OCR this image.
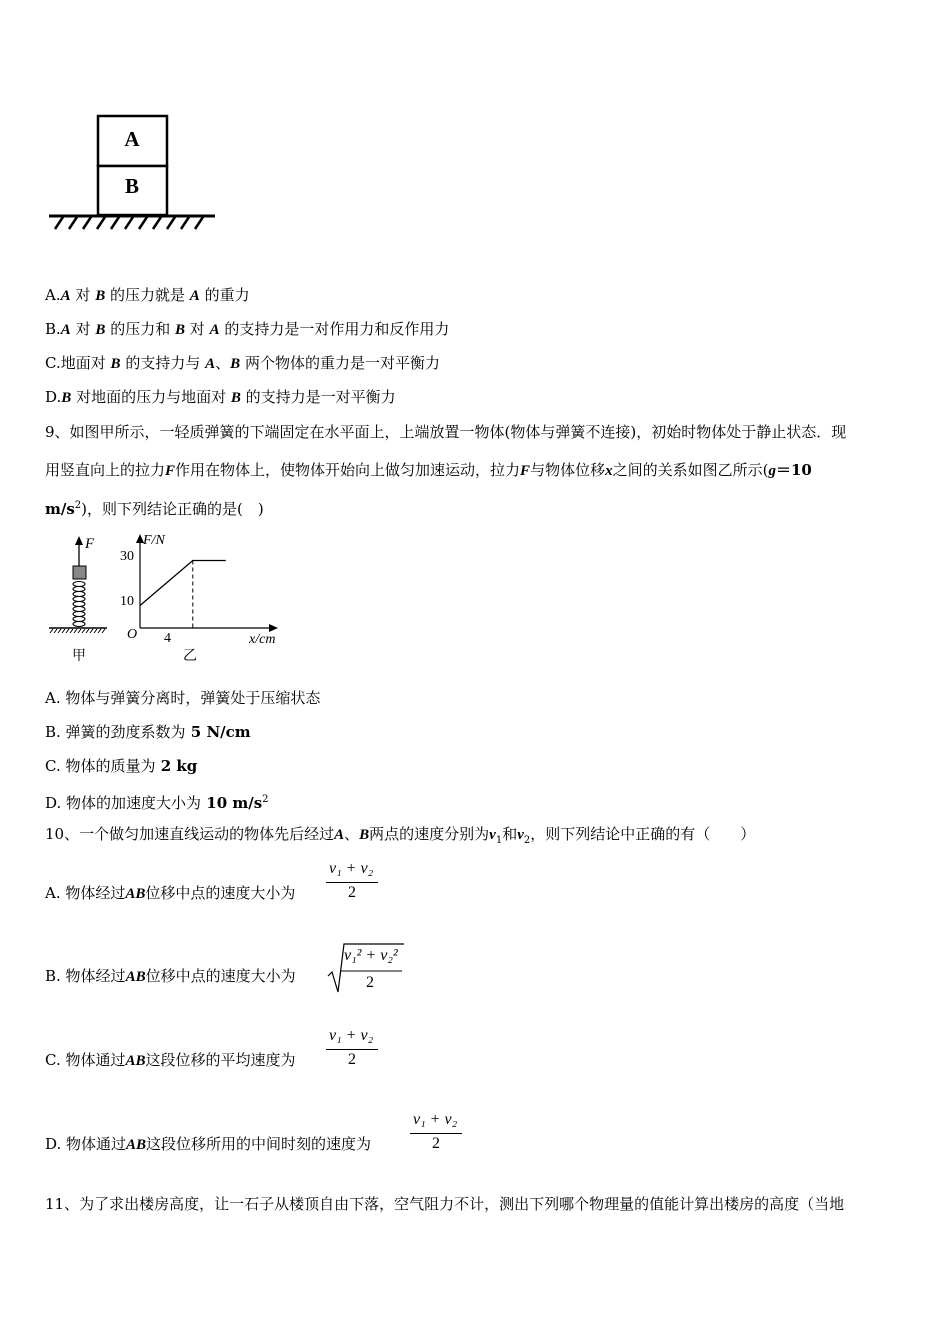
A
B
A.A 对 B 的压力就是 A 的重力
B.A 对 B 的压力和 B 对 A 的支持力是一对作用力和反作用力
C.地面对 B 的支持力与 A、B 两个物体的重力是一对平衡力
D.B 对地面的压力与地面对 B 的支持力是一对平衡力
9、如图甲所示，一轻质弹簧的下端固定在水平面上，上端放置一物体(物体与弹簧不连接)，初始时物体处于静止状态．现
用竖直向上的拉力F作用在物体上，使物体开始向上做匀加速运动，拉力F与物体位移x之间的关系如图乙所示(g＝10
$m/s^2$)，则下列结论正确的是(　)
F
甲
F/N
x/cm
O
30
10
4
乙
A. 物体与弹簧分离时，弹簧处于压缩状态
B. 弹簧的劲度系数为 5 N/cm
C. 物体的质量为 2 kg
D. 物体的加速度大小为 10 $m/s^2$
10、一个做匀加速直线运动的物体先后经过A、B两点的速度分别为$v_1$和$v_2$，则下列结论中正确的有（　　）
A. 物体经过AB位移中点的速度大小为
v₁ + v₂
2
B. 物体经过AB位移中点的速度大小为
v₁² + v₂²
2
C. 物体通过AB这段位移的平均速度为
v₁ + v₂
2
D. 物体通过AB这段位移所用的中间时刻的速度为
v₁ + v₂
2
11、为了求出楼房高度，让一石子从楼顶自由下落，空气阻力不计，测出下列哪个物理量的值能计算出楼房的高度（当地
